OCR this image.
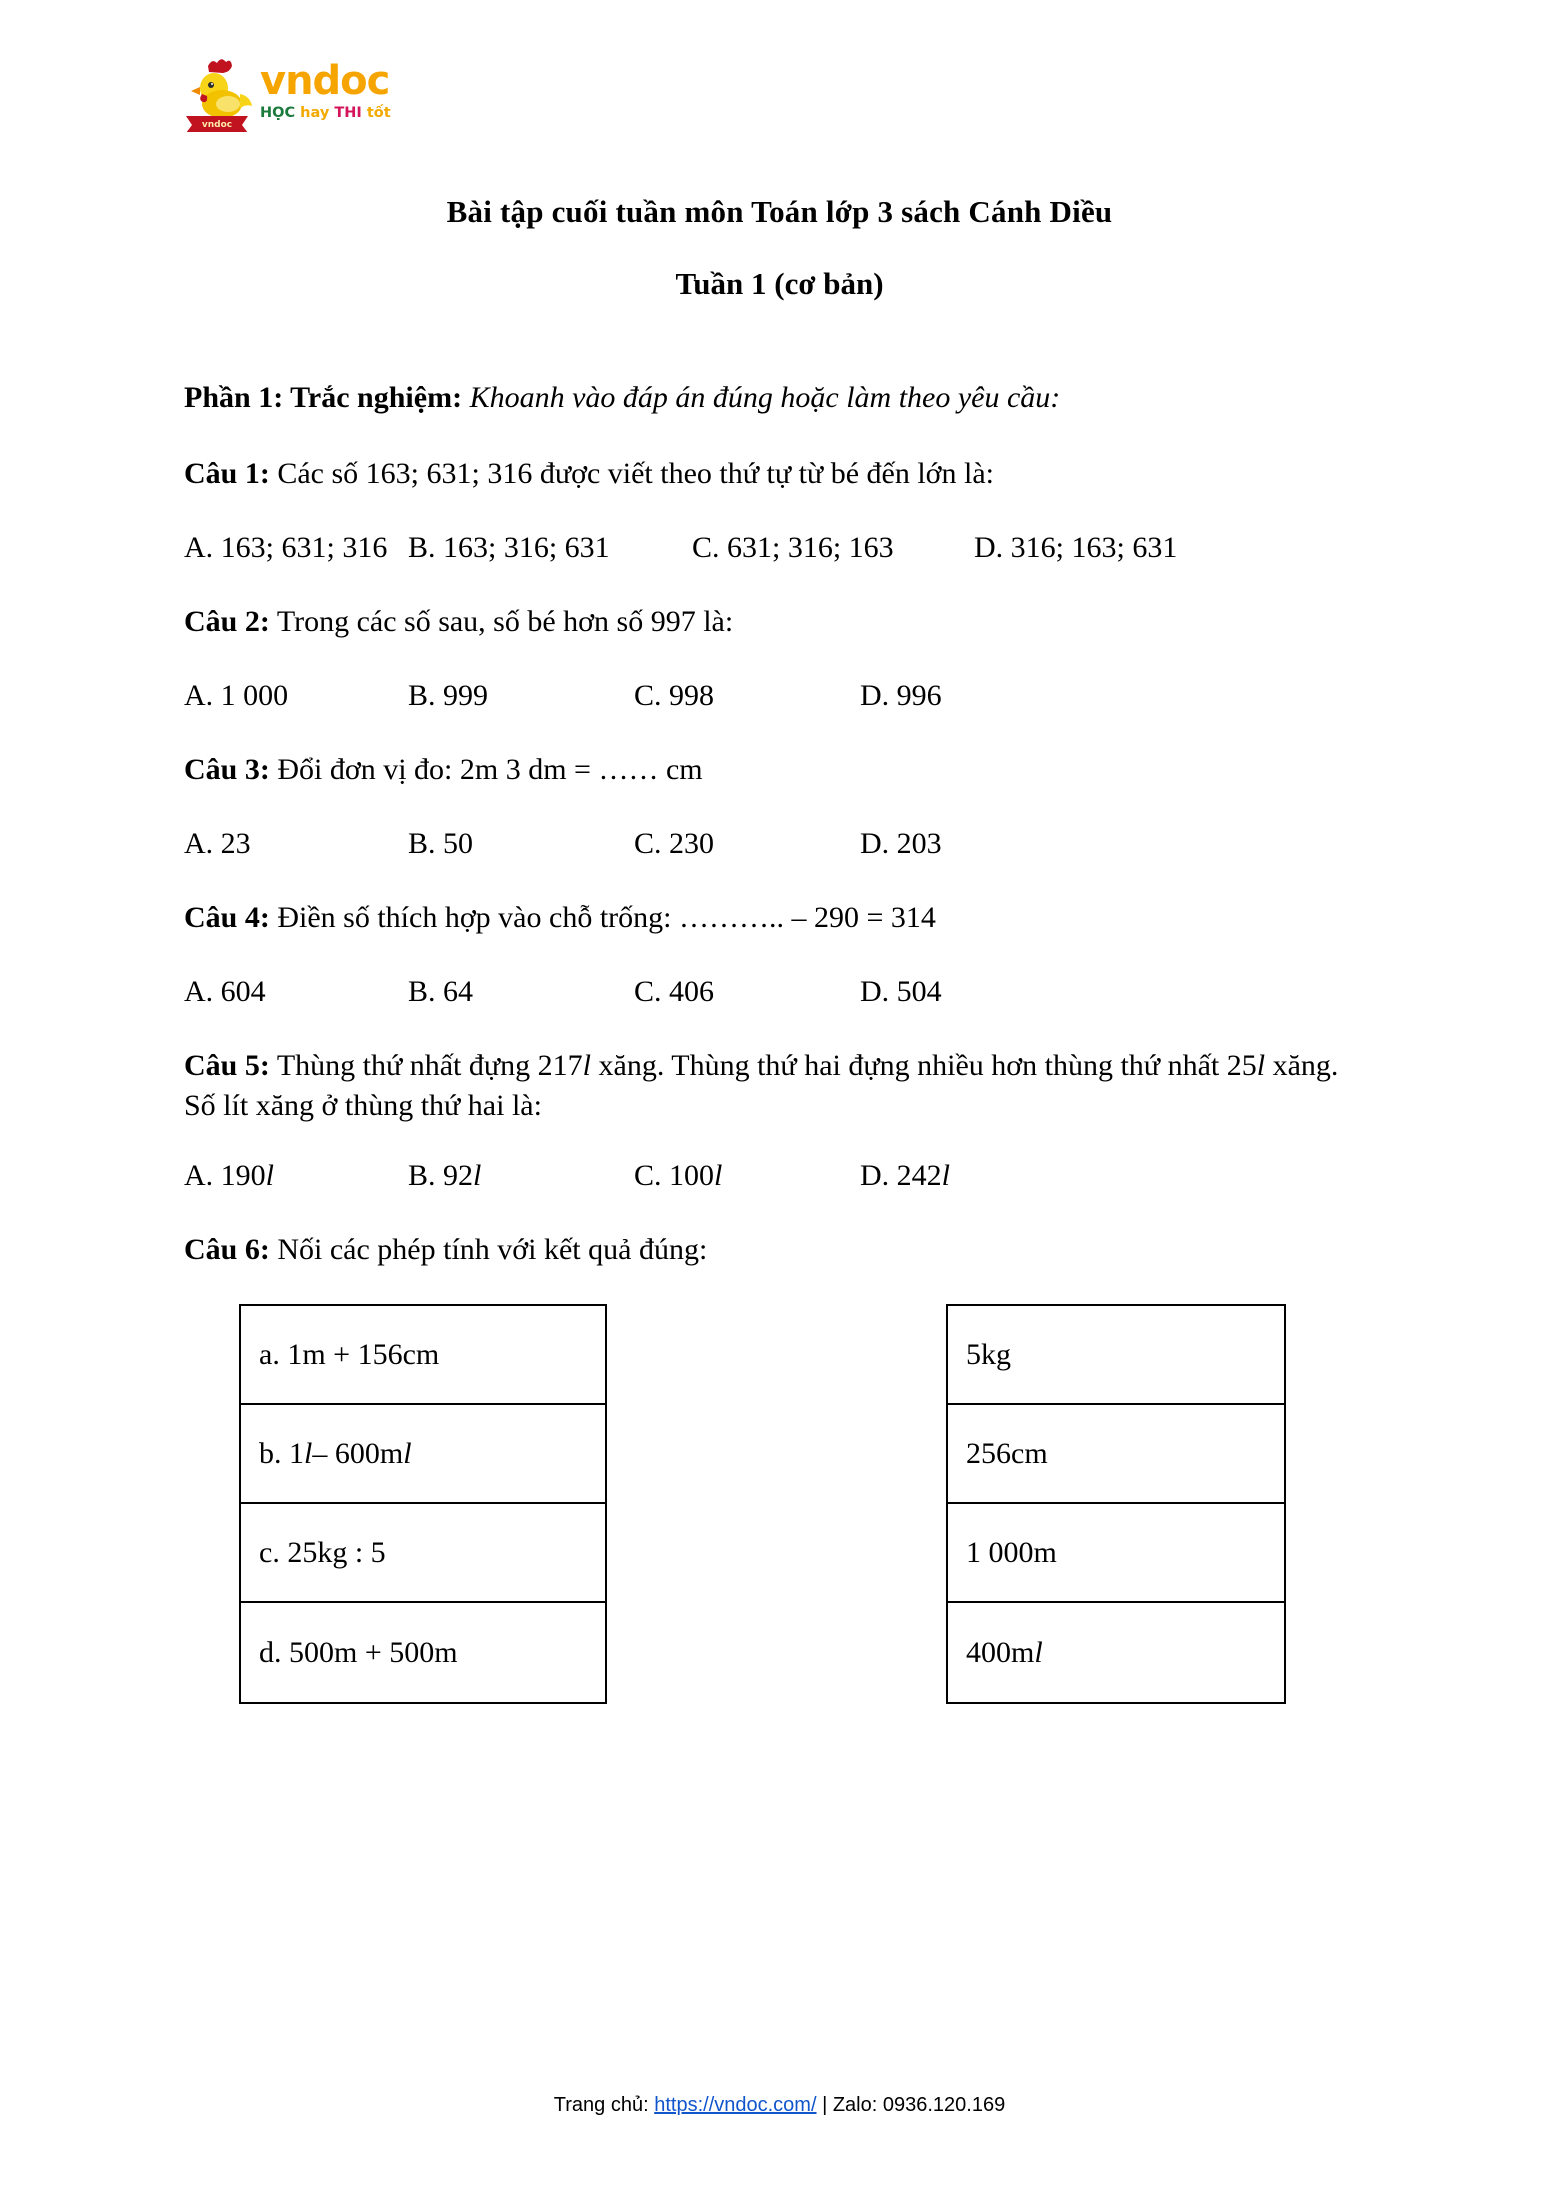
vndoc
vndoc
HỌC hay THI tốt
Bài tập cuối tuần môn Toán lớp 3 sách Cánh Diều
Tuần 1 (cơ bản)

Phần 1: Trắc nghiệm: Khoanh vào đáp án đúng hoặc làm theo yêu cầu:

Câu 1: Các số 163; 631; 316 được viết theo thứ tự từ bé đến lớn là:

A. 163; 631; 316 B. 163; 316; 631	C. 631; 316; 163	D. 316; 163; 631

Câu 2: Trong các số sau, số bé hơn số 997 là:

A. 1 000	B. 999	C. 998	D. 996

Câu 3: Đổi đơn vị đo: 2m 3 dm = …… cm

A. 23	B. 50	C. 230	D. 203

Câu 4: Điền số thích hợp vào chỗ trống: ……….. – 290 = 314

A. 604	B. 64	C. 406	D. 504

Câu 5: Thùng thứ nhất đựng 217l xăng. Thùng thứ hai đựng nhiều hơn thùng thứ nhất 25l xăng. Số lít xăng ở thùng thứ hai là:

A. 190l	B. 92l	C. 100l	D. 242l

Câu 6: Nối các phép tính với kết quả đúng:

a. 1m + 156cm
b. 1 l – 600m l
c. 25kg : 5
d. 500m + 500m
5kg
256cm
1 000m
400m l
Trang chủ: https://vndoc.com/ | Zalo: 0936.120.169
